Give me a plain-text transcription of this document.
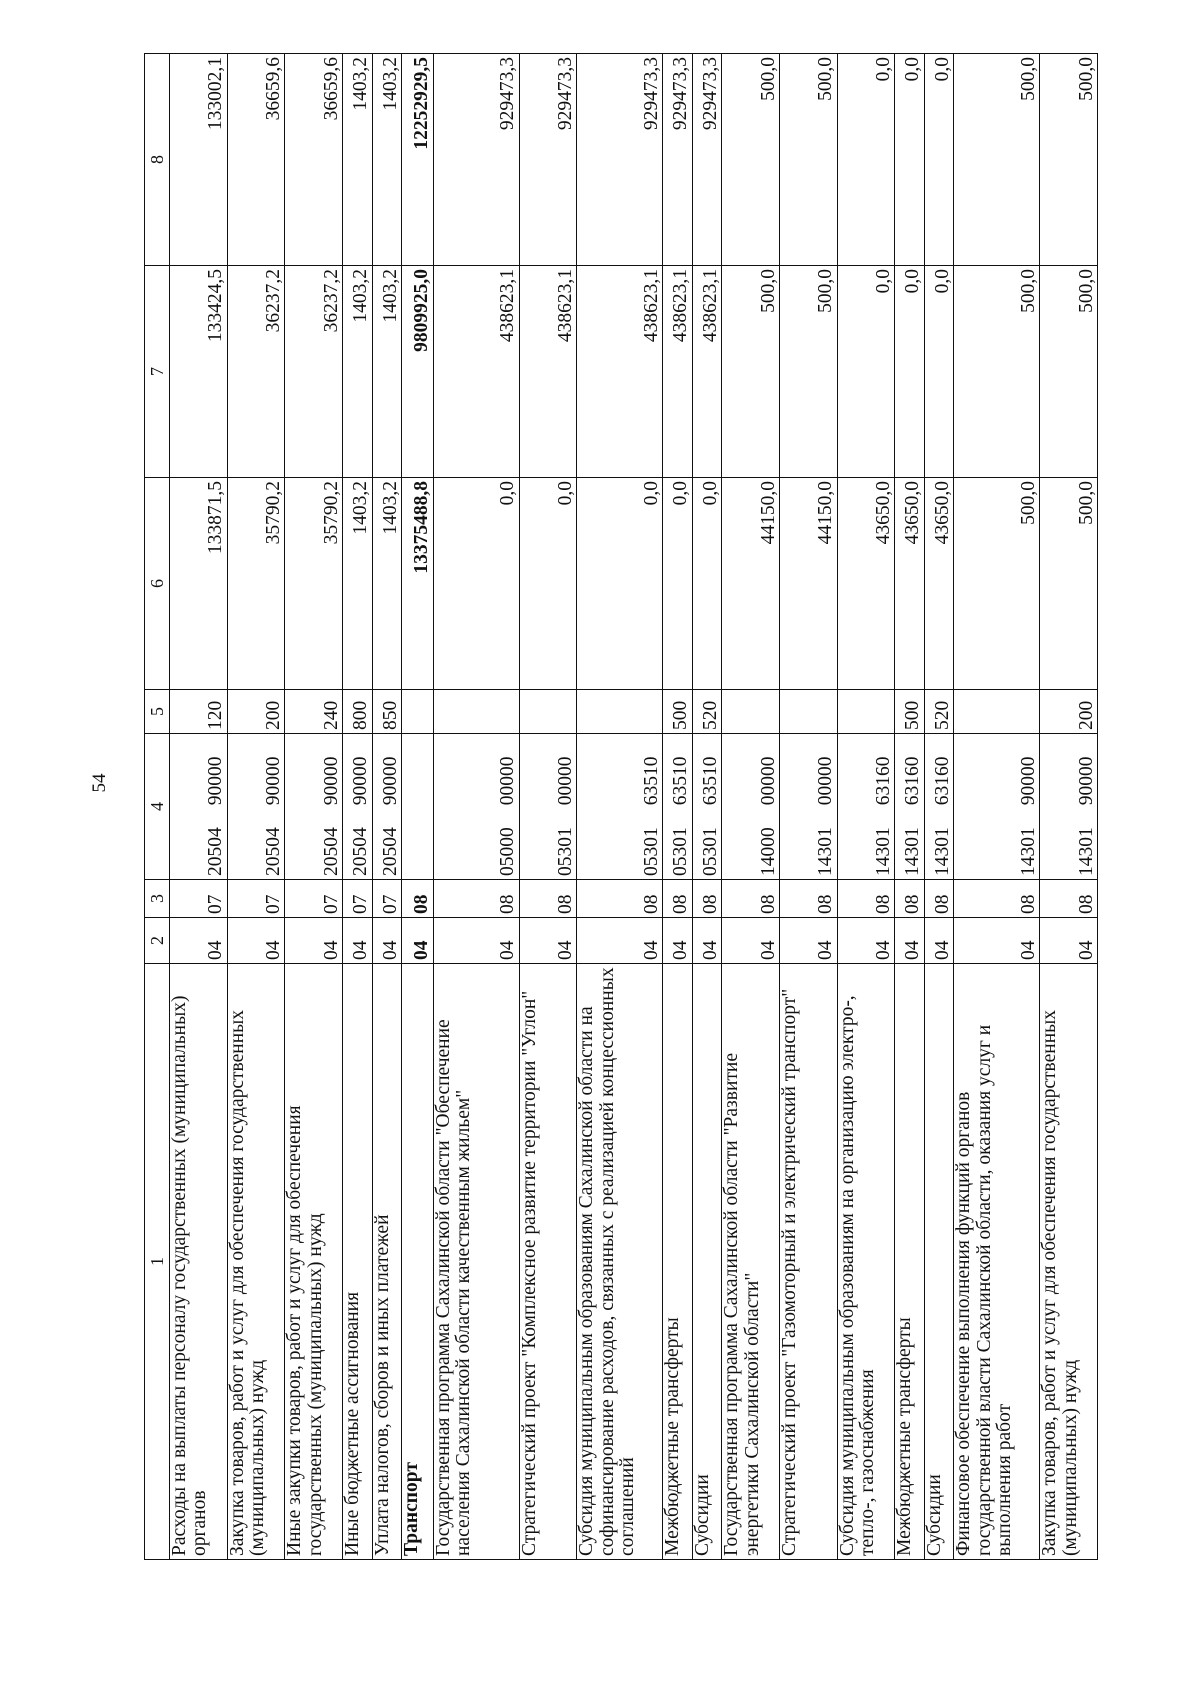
54
1	2	3	4	5	6	7	8
Расходы на выплаты персоналу государственных (муниципальных) органов	04	07	2050490000	120	133871,5	133424,5	133002,1
Закупка товаров, работ и услуг для обеспечения государственных (муниципальных) нужд	04	07	2050490000	200	35790,2	36237,2	36659,6
Иные закупки товаров, работ и услуг для обеспечения государственных (муниципальных) нужд	04	07	2050490000	240	35790,2	36237,2	36659,6
Иные бюджетные ассигнования	04	07	2050490000	800	1403,2	1403,2	1403,2
Уплата налогов, сборов и иных платежей	04	07	2050490000	850	1403,2	1403,2	1403,2
Транспорт	04	08			13375488,8	9809925,0	12252929,5
Государственная программа Сахалинской области "Обеспечение населения Сахалинской области качественным жильем"	04	08	0500000000		0,0	438623,1	929473,3
Стратегический проект "Комплексное развитие территории "Углон"	04	08	0530100000		0,0	438623,1	929473,3
Субсидия муниципальным образованиям Сахалинской области на софинансирование расходов, связанных с реализацией концессионных соглашений	04	08	0530163510		0,0	438623,1	929473,3
Межбюджетные трансферты	04	08	0530163510	500	0,0	438623,1	929473,3
Субсидии	04	08	0530163510	520	0,0	438623,1	929473,3
Государственная программа Сахалинской области "Развитие энергетики Сахалинской области"	04	08	1400000000		44150,0	500,0	500,0
Стратегический проект "Газомоторный и электрический транспорт"	04	08	1430100000		44150,0	500,0	500,0
Субсидия муниципальным образованиям на организацию электро-, тепло-, газоснабжения	04	08	1430163160		43650,0	0,0	0,0
Межбюджетные трансферты	04	08	1430163160	500	43650,0	0,0	0,0
Субсидии	04	08	1430163160	520	43650,0	0,0	0,0
Финансовое обеспечение выполнения функций органов государственной власти Сахалинской области, оказания услуг и выполнения работ	04	08	1430190000		500,0	500,0	500,0
Закупка товаров, работ и услуг для обеспечения государственных (муниципальных) нужд	04	08	1430190000	200	500,0	500,0	500,0
